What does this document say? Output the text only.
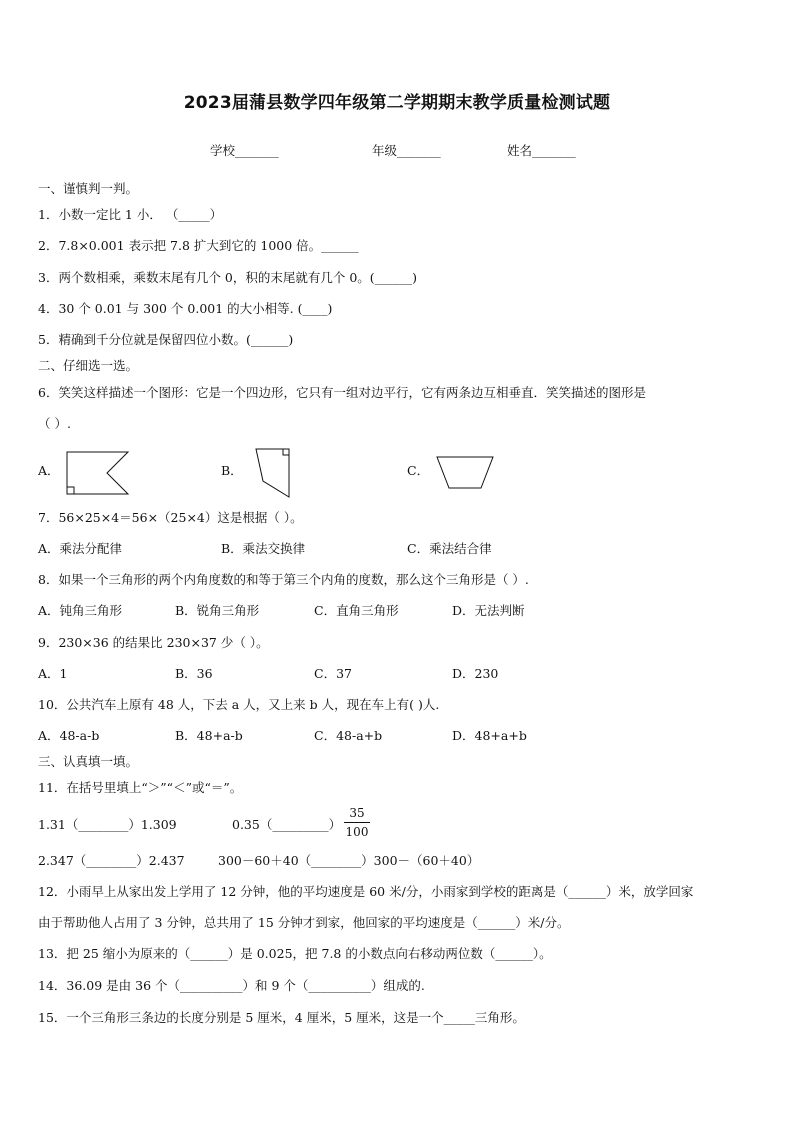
2023届蒲县数学四年级第二学期期末教学质量检测试题
学校_______	年级_______	姓名_______
一、谨慎判一判。
1．小数一定比 1 小． （_____）
2．7.8×0.001 表示把 7.8 扩大到它的 1000 倍。______
3．两个数相乘，乘数末尾有几个 0，积的末尾就有几个 0。(______)
4．30 个 0.01 与 300 个 0.001 的大小相等. (____)
5．精确到千分位就是保留四位小数。(______)
二、仔细选一选。
6．笑笑这样描述一个图形：它是一个四边形，它只有一组对边平行，它有两条边互相垂直．笑笑描述的图形是
（ ）.
A．	B．	C．
7．56×25×4＝56×（25×4）这是根据（ ）。
A．乘法分配律	B．乘法交换律	C．乘法结合律
8．如果一个三角形的两个内角度数的和等于第三个内角的度数，那么这个三角形是（ ）.
A．钝角三角形	B．锐角三角形	C．直角三角形	D．无法判断
9．230×36 的结果比 230×37 少（ ）。
A．1	B．36	C．37	D．230
10．公共汽车上原有 48 人，下去 a 人，又上来 b 人，现在车上有( )人.
A．48-a-b	B．48+a-b	C．48-a+b	D．48+a+b
三、认真填一填。
11．在括号里填上“＞”“＜”或“＝”。
1.31（________）1.309	0.35（_________）
35
100
2.347（________）2.437	300－60＋40（________）300－（60＋40）
12．小雨早上从家出发上学用了 12 分钟，他的平均速度是 60 米/分，小雨家到学校的距离是（______）米，放学回家
由于帮助他人占用了 3 分钟，总共用了 15 分钟才到家，他回家的平均速度是（______）米/分。
13．把 25 缩小为原来的（______）是 0.025，把 7.8 的小数点向右移动两位数（______）。
14．36.09 是由 36 个（__________）和 9 个（__________）组成的.
15．一个三角形三条边的长度分别是 5 厘米，4 厘米，5 厘米，这是一个_____三角形。
